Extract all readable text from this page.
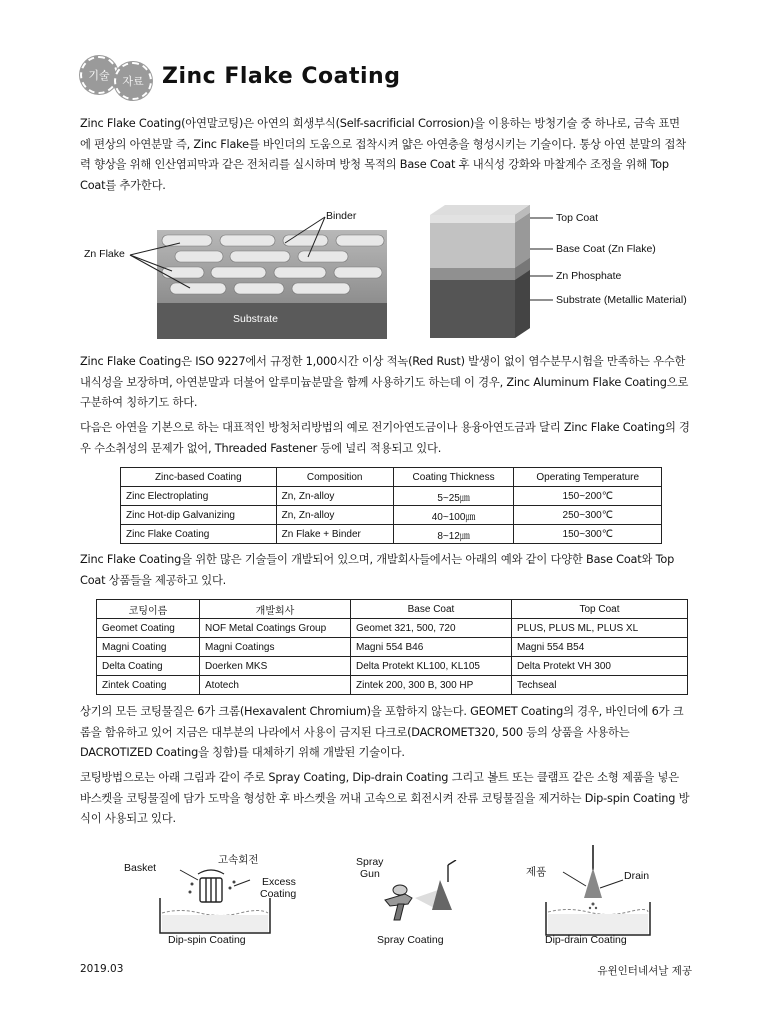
기술	자료 Zinc Flake Coating

Zinc Flake Coating(아연말코팅)은 아연의 희생부식(Self-sacrificial Corrosion)을 이용하는 방청기술 중 하나로, 금속 표면에 편상의 아연분말 즉, Zinc Flake를 바인더의 도움으로 접착시켜 얇은 아연층을 형성시키는 기술이다. 통상 아연 분말의 접착력 향상을 위해 인산염피막과 같은 전처리를 실시하며 방청 목적의 Base Coat 후 내식성 강화와 마찰계수 조정을 위해 Top Coat를 추가한다.

Binder
Zn Flake
Substrate
Top Coat
Base Coat (Zn Flake)
Zn Phosphate
Substrate (Metallic Material)

Zinc Flake Coating은 ISO 9227에서 규정한 1,000시간 이상 적녹(Red Rust) 발생이 없이 염수분무시험을 만족하는 우수한 내식성을 보장하며, 아연분말과 더불어 알루미늄분말을 함께 사용하기도 하는데 이 경우, Zinc Aluminum Flake Coating으로 구분하여 칭하기도 하다.

다음은 아연을 기본으로 하는 대표적인 방청처리방법의 예로 전기아연도금이나 용융아연도금과 달리 Zinc Flake Coating의 경우 수소취성의 문제가 없어, Threaded Fastener 등에 널리 적용되고 있다.

Zinc-based Coating	Composition	Coating Thickness	Operating Temperature
Zinc Electroplating	Zn, Zn-alloy	5~25㎛	150~200℃
Zinc Hot-dip Galvanizing	Zn, Zn-alloy	40~100㎛	250~300℃
Zinc Flake Coating	Zn Flake + Binder	8~12㎛	150~300℃

Zinc Flake Coating을 위한 많은 기술들이 개발되어 있으며, 개발회사들에서는 아래의 예와 같이 다양한 Base Coat와 Top Coat 상품들을 제공하고 있다.

코팅이름	개발회사	Base Coat	Top Coat
Geomet Coating	NOF Metal Coatings Group	Geomet 321, 500, 720	PLUS, PLUS ML, PLUS XL
Magni Coating	Magni Coatings	Magni 554 B46	Magni 554 B54
Delta Coating	Doerken MKS	Delta Protekt KL100, KL105	Delta Protekt VH 300
Zintek Coating	Atotech	Zintek 200, 300 B, 300 HP	Techseal

상기의 모든 코팅물질은 6가 크롬(Hexavalent Chromium)을 포함하지 않는다. GEOMET Coating의 경우, 바인더에 6가 크롬을 함유하고 있어 지금은 대부분의 나라에서 사용이 금지된 다크로(DACROMET320, 500 등의 상품을 사용하는 DACROTIZED Coating을 칭함)를 대체하기 위해 개발된 기술이다.

코팅방법으로는 아래 그림과 같이 주로 Spray Coating, Dip-drain Coating 그리고 볼트 또는 클램프 같은 소형 제품을 넣은 바스켓을 코팅물질에 담가 도막을 형성한 후 바스켓을 꺼내 고속으로 회전시켜 잔류 코팅물질을 제거하는 Dip-spin Coating 방식이 사용되고 있다.

Basket
고속회전
Excess
Coating
Dip-spin Coating
Spray
Gun
Spray Coating
제품	Drain
Dip-drain Coating
2019.03	유윈인터네셔날 제공
